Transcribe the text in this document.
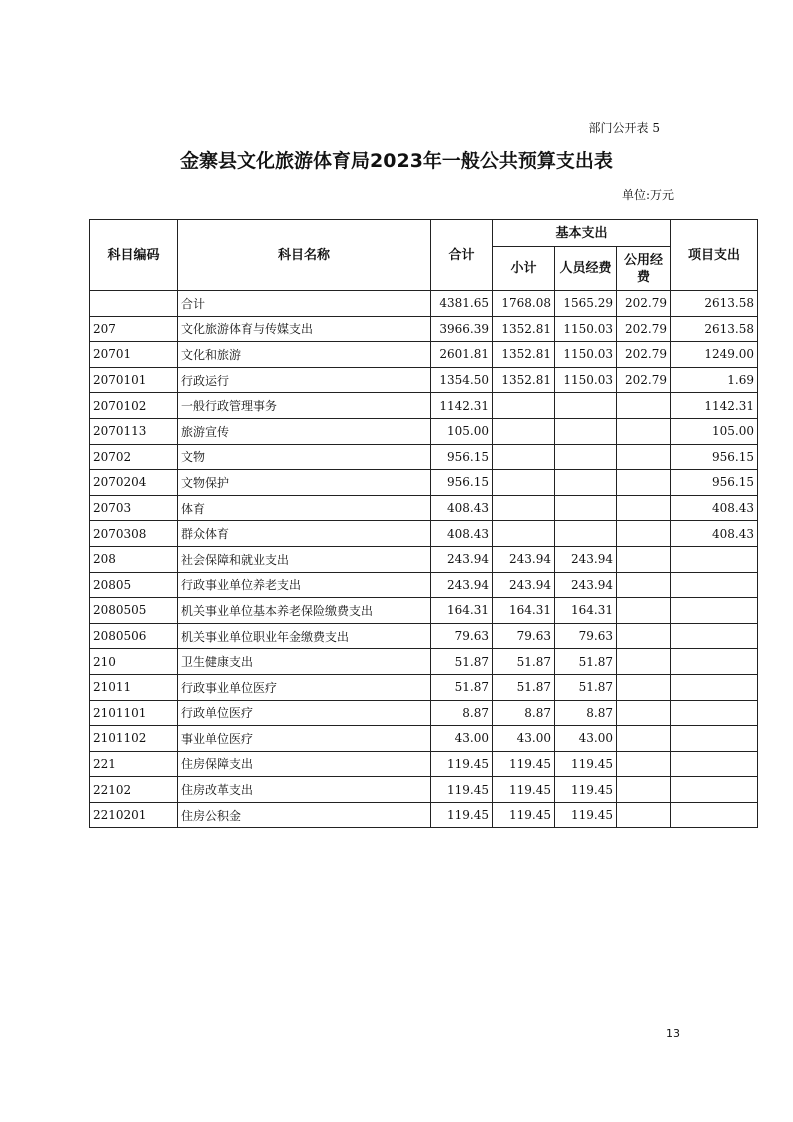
部门公开表 5
金寨县文化旅游体育局2023年一般公共预算支出表
单位:万元
科目编码	科目名称	合计	基本支出			项目支出
			小计	人员经费	公用经费	
	合计	4381.65	1768.08	1565.29	202.79	2613.58
207	文化旅游体育与传媒支出	3966.39	1352.81	1150.03	202.79	2613.58
20701	文化和旅游	2601.81	1352.81	1150.03	202.79	1249.00
2070101	行政运行	1354.50	1352.81	1150.03	202.79	1.69
2070102	一般行政管理事务	1142.31				1142.31
2070113	旅游宣传	105.00				105.00
20702	文物	956.15				956.15
2070204	文物保护	956.15				956.15
20703	体育	408.43				408.43
2070308	群众体育	408.43				408.43
208	社会保障和就业支出	243.94	243.94	243.94		
20805	行政事业单位养老支出	243.94	243.94	243.94		
2080505	机关事业单位基本养老保险缴费支出	164.31	164.31	164.31		
2080506	机关事业单位职业年金缴费支出	79.63	79.63	79.63		
210	卫生健康支出	51.87	51.87	51.87		
21011	行政事业单位医疗	51.87	51.87	51.87		
2101101	行政单位医疗	8.87	8.87	8.87		
2101102	事业单位医疗	43.00	43.00	43.00		
221	住房保障支出	119.45	119.45	119.45		
22102	住房改革支出	119.45	119.45	119.45		
2210201	住房公积金	119.45	119.45	119.45		
13
